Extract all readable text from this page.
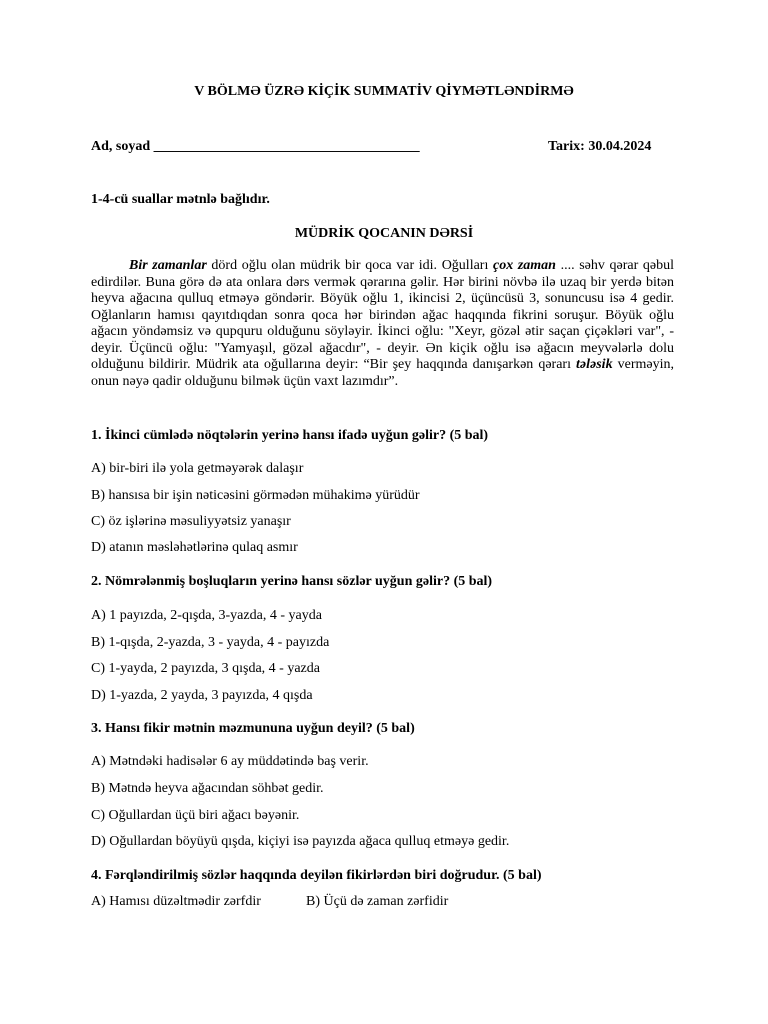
V BÖLMƏ ÜZRƏ KİÇİK SUMMATİV QİYMƏTLƏNDİRMƏ
Ad, soyad ______________________________________	Tarix: 30.04.2024
1-4-cü suallar mətnlə bağlıdır.
MÜDRİK QOCANIN DƏRSİ
Bir zamanlar dörd oğlu olan müdrik bir qoca var idi. Oğulları çox zaman .... səhv qərar qəbul edirdilər. Buna görə də ata onlara dərs vermək qərarına gəlir. Hər birini növbə ilə uzaq bir yerdə bitən heyva ağacına qulluq etməyə göndərir. Böyük oğlu 1, ikincisi 2, üçüncüsü 3, sonuncusu isə 4 gedir. Oğlanların hamısı qayıtdıqdan sonra qoca hər birindən ağac haqqında fikrini soruşur. Böyük oğlu ağacın yöndəmsiz və qupquru olduğunu söyləyir. İkinci oğlu: "Xeyr, gözəl ətir saçan çiçəkləri var", - deyir. Üçüncü oğlu: "Yamyaşıl, gözəl ağacdır", - deyir. Ən kiçik oğlu isə ağacın meyvələrlə dolu olduğunu bildirir. Müdrik ata oğullarına deyir: “Bir şey haqqında danışarkən qərarı tələsik verməyin, onun nəyə qadir olduğunu bilmək üçün vaxt lazımdır”.
1. İkinci cümlədə nöqtələrin yerinə hansı ifadə uyğun gəlir? (5 bal)
A) bir-biri ilə yola getməyərək dalaşır
B) hansısa bir işin nəticəsini görmədən mühakimə yürüdür
C) öz işlərinə məsuliyyətsiz yanaşır
D) atanın məsləhətlərinə qulaq asmır
2. Nömrələnmiş boşluqların yerinə hansı sözlər uyğun gəlir? (5 bal)
A) 1 payızda, 2-qışda, 3-yazda, 4 - yayda
B) 1-qışda, 2-yazda, 3 - yayda, 4 - payızda
C) 1-yayda, 2 payızda, 3 qışda, 4 - yazda
D) 1-yazda, 2 yayda, 3 payızda, 4 qışda
3. Hansı fikir mətnin məzmununa uyğun deyil? (5 bal)
A) Mətndəki hadisələr 6 ay müddətində baş verir.
B) Mətndə heyva ağacından söhbət gedir.
C) Oğullardan üçü biri ağacı bəyənir.
D) Oğullardan böyüyü qışda, kiçiyi isə payızda ağaca qulluq etməyə gedir.
4. Fərqləndirilmiş sözlər haqqında deyilən fikirlərdən biri doğrudur. (5 bal)
A) Hamısı düzəltmədir zərfdir	B) Üçü də zaman zərfidir
